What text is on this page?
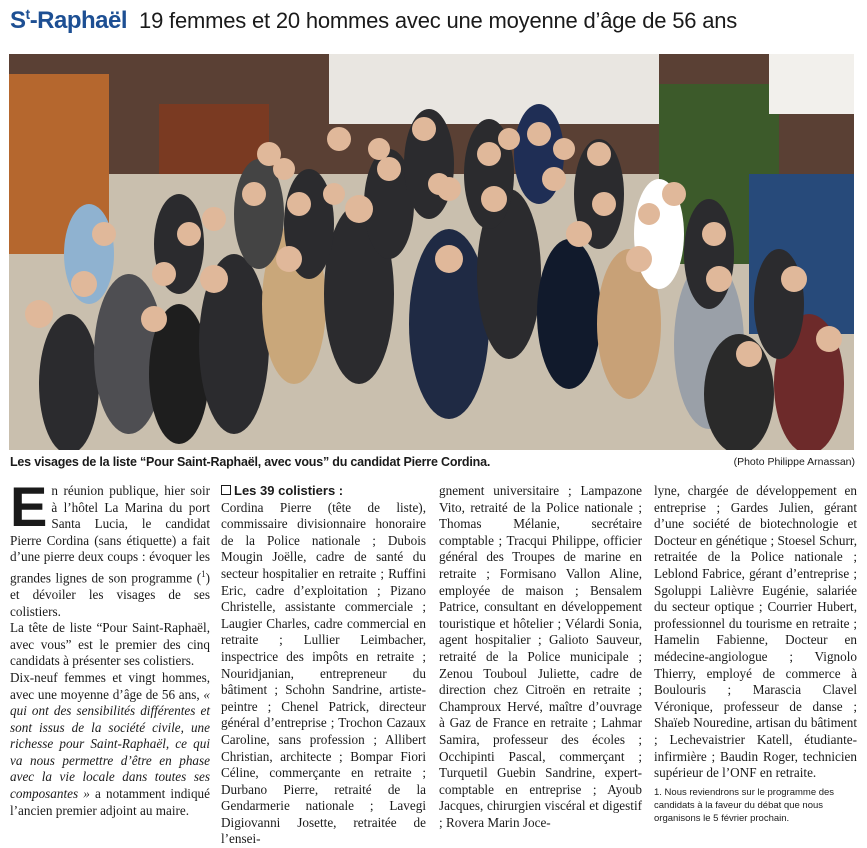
$S^t$-Raphaël 19 femmes et 20 hommes avec une moyenne d’âge de 56 ans
Les visages de la liste “Pour Saint-Raphaël, avec vous” du candidat Pierre Cordina.	(Photo Philippe Arnassan)
E n réunion publique, hier soir à l’hôtel La Marina du port Santa Lucia, le candidat Pierre Cordina (sans étiquette) a fait d’une pierre deux coups : évoquer les grandes lignes de son programme ($^1$) et dévoiler les visages de ses colistiers.

La tête de liste “Pour Saint-Raphaël, avec vous” est le premier des cinq candidats à présenter ses colistiers.

Dix-neuf femmes et vingt hommes, avec une moyenne d’âge de 56 ans, « qui ont des sensibilités différentes et sont issus de la société civile, une richesse pour Saint-Raphaël, ce qui va nous permettre d’être en phase avec la vie locale dans toutes ses composantes » a notamment indiqué l’ancien premier adjoint au maire.

Les 39 colistiers :

Cordina Pierre (tête de liste), commissaire divisionnaire honoraire de la Police nationale ; Dubois Mougin Joëlle, cadre de santé du secteur hospitalier en retraite ; Ruffini Eric, cadre d’exploitation ; Pizano Christelle, assistante commerciale ; Laugier Charles, cadre commercial en retraite ; Lullier Leimbacher, inspectrice des impôts en retraite ; Nouridjanian, entrepreneur du bâtiment ; Schohn Sandrine, artiste-peintre ; Chenel Patrick, directeur général d’entreprise ; Trochon Cazaux Caroline, sans profession ; Allibert Christian, architecte ; Bompar Fiori Céline, commerçante en retraite ; Durbano Pierre, retraité de la Gendarmerie nationale ; Lavegi Digiovanni Josette, retraitée de l’ensei-

gnement universitaire ; Lampazone Vito, retraité de la Police nationale ; Thomas Mélanie, secrétaire comptable ; Tracqui Philippe, officier général des Troupes de marine en retraite ; Formisano Vallon Aline, employée de maison ; Bensalem Patrice, consultant en développement touristique et hôtelier ; Vélardi Sonia, agent hospitalier ; Galioto Sauveur, retraité de la Police municipale ; Zenou Touboul Juliette, cadre de direction chez Citroën en retraite ; Champroux Hervé, maître d’ouvrage à Gaz de France en retraite ; Lahmar Samira, professeur des écoles ; Occhipinti Pascal, commerçant ; Turquetil Guebin Sandrine, expert-comptable en entreprise ; Ayoub Jacques, chirurgien viscéral et digestif ; Rovera Marin Joce-

lyne, chargée de développement en entreprise ; Gardes Julien, gérant d’une société de biotechnologie et Docteur en génétique ; Stoesel Schurr, retraitée de la Police nationale ; Leblond Fabrice, gérant d’entreprise ; Sgoluppi Lalièvre Eugénie, salariée du secteur optique ; Courrier Hubert, professionnel du tourisme en retraite ; Hamelin Fabienne, Docteur en médecine-angiologue ; Vignolo Thierry, employé de commerce à Boulouris ; Marascia Clavel Véronique, professeur de danse ; Shaïeb Nouredine, artisan du bâtiment ; Lechevaistrier Katell, étudiante-infirmière ; Baudin Roger, technicien supérieur de l’ONF en retraite.

1. Nous reviendrons sur le programme des candidats à la faveur du débat que nous organisons le 5 février prochain.
